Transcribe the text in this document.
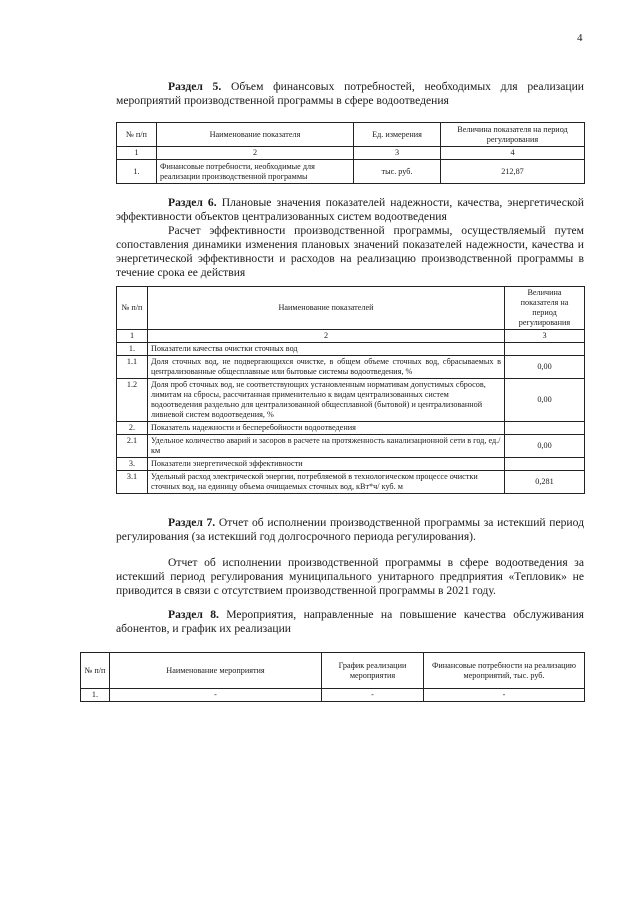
4

Раздел 5. Объем финансовых потребностей, необходимых для реализации мероприятий производственной программы в сфере водоотведения

№ п/п	Наименование показателя	Ед. измерения	Величина показателя на период регулирования
1	2	3	4
1.	Финансовые потребности, необходимые для реализации производственной программы	тыс. руб.	212,87

Раздел 6. Плановые значения показателей надежности, качества, энергетической эффективности объектов централизованных систем водоотведения

Расчет эффективности производственной программы, осуществляемый путем сопоставления динамики изменения плановых значений показателей надежности, качества и энергетической эффективности и расходов на реализацию производственной программы в течение срока ее действия

№ п/п	Наименование показателей	Величина показателя на период регулирования
1	2	3
1.	Показатели качества очистки сточных вод	
1.1	Доля сточных вод, не подвергающихся очистке, в общем объеме сточных вод, сбрасываемых в централизованные общесплавные или бытовые системы водоотведения, %	0,00
1.2	Доля проб сточных вод, не соответствующих установленным нормативам допустимых сбросов, лимитам на сбросы, рассчитанная применительно к видам централизованных систем водоотведения раздельно для централизованной общесплавной (бытовой) и централизованной ливневой систем водоотведения, %	0,00
2.	Показатель надежности и бесперебойности водоотведения	
2.1	Удельное количество аварий и засоров в расчете на протяженность канализационной сети в год, ед./ км	0,00
3.	Показатели энергетической эффективности	
3.1	Удельный расход электрической энергии, потребляемой в технологическом процессе очистки сточных вод, на единицу объема очищаемых сточных вод, кВт*ч/ куб. м	0,281

Раздел 7. Отчет об исполнении производственной программы за истекший период регулирования (за истекший год долгосрочного периода регулирования).

Отчет об исполнении производственной программы в сфере водоотведения за истекший период регулирования муниципального унитарного предприятия «Тепловик» не приводится в связи с отсутствием производственной программы в 2021 году.

Раздел 8. Мероприятия, направленные на повышение качества обслуживания абонентов, и график их реализации

№ п/п	Наименование мероприятия	График реализации мероприятия	Финансовые потребности на реализацию мероприятий, тыс. руб.
1.	-	-	-
